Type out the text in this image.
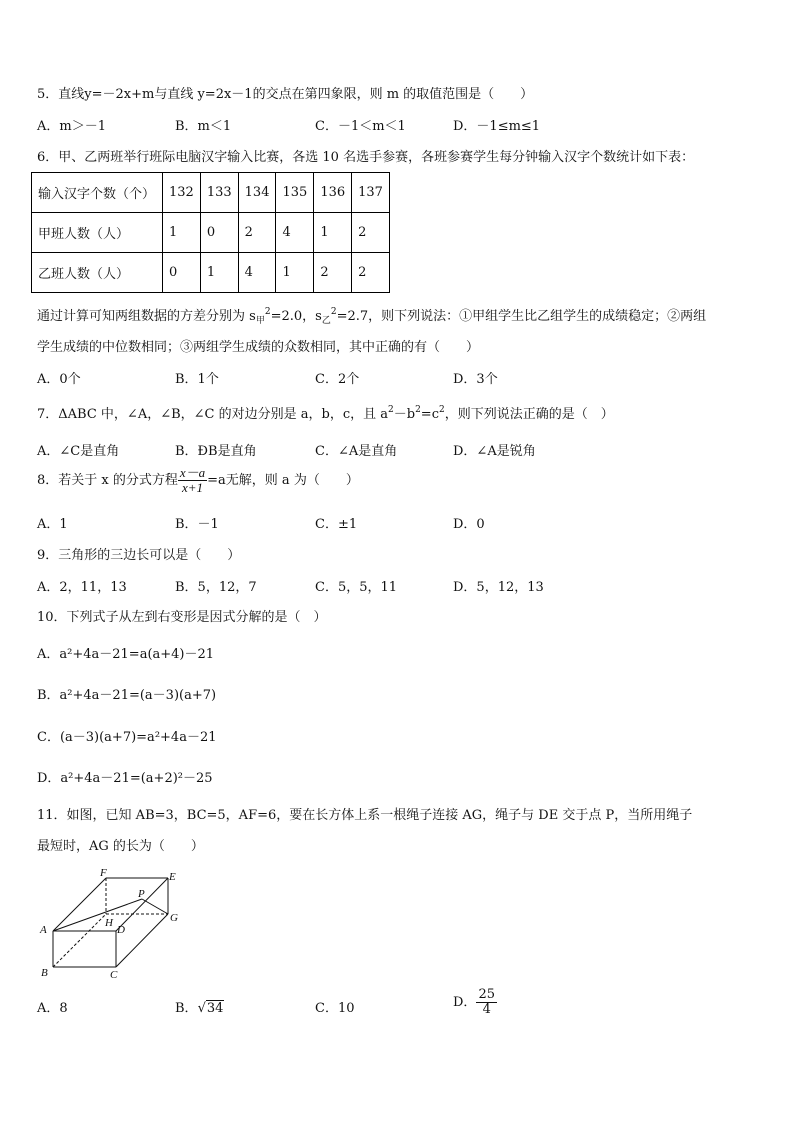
5．直线y=－2x+m与直线 y=2x－1的交点在第四象限，则 m 的取值范围是（　　）
A．m＞－1	B．m＜1	C．－1＜m＜1	D．－1≤m≤1
6．甲、乙两班举行班际电脑汉字输入比赛，各选 10 名选手参赛，各班参赛学生每分钟输入汉字个数统计如下表：
输入汉字个数（个）	132	133	134	135	136	137
甲班人数（人）	1	0	2	4	1	2
乙班人数（人）	0	1	4	1	2	2
通过计算可知两组数据的方差分别为 $s_甲^2=2.0$，$s_乙^2=2.7$，则下列说法：①甲组学生比乙组学生的成绩稳定；②两组
学生成绩的中位数相同；③两组学生成绩的众数相同，其中正确的有（　　）
A．0个	B．1个	C．2个	D．3个
7．ΔABC 中，∠A，∠B，∠C 的对边分别是 a，b，c，且 $a^2-b^2=c^2$，则下列说法正确的是（　）
A．∠C是直角	B．ÐB是直角	C．∠A是直角	D．∠A是锐角
8．若关于 x 的分式方程 $\frac{x-a}{x+1} =a$无解，则 a 为（　　）
A．1	B．－1	C．±1	D．0
9．三角形的三边长可以是（　　）
A．2，11，13	B．5，12，7	C．5，5，11	D．5，12，13
10．下列式子从左到右变形是因式分解的是（　）
A．a²+4a－21=a(a+4)－21
B．a²+4a－21=(a－3)(a+7)
C．(a－3)(a+7)=a²+4a－21
D．a²+4a－21=(a+2)²－25
11．如图，已知 AB=3，BC=5，AF=6，要在长方体上系一根绳子连接 AG，绳子与 DE 交于点 P，当所用绳子
最短时，AG 的长为（　　）
A
B	C
D
E
F
G
H
P
A．8	B．√34	C．10	D． $\frac{25}{4}$
